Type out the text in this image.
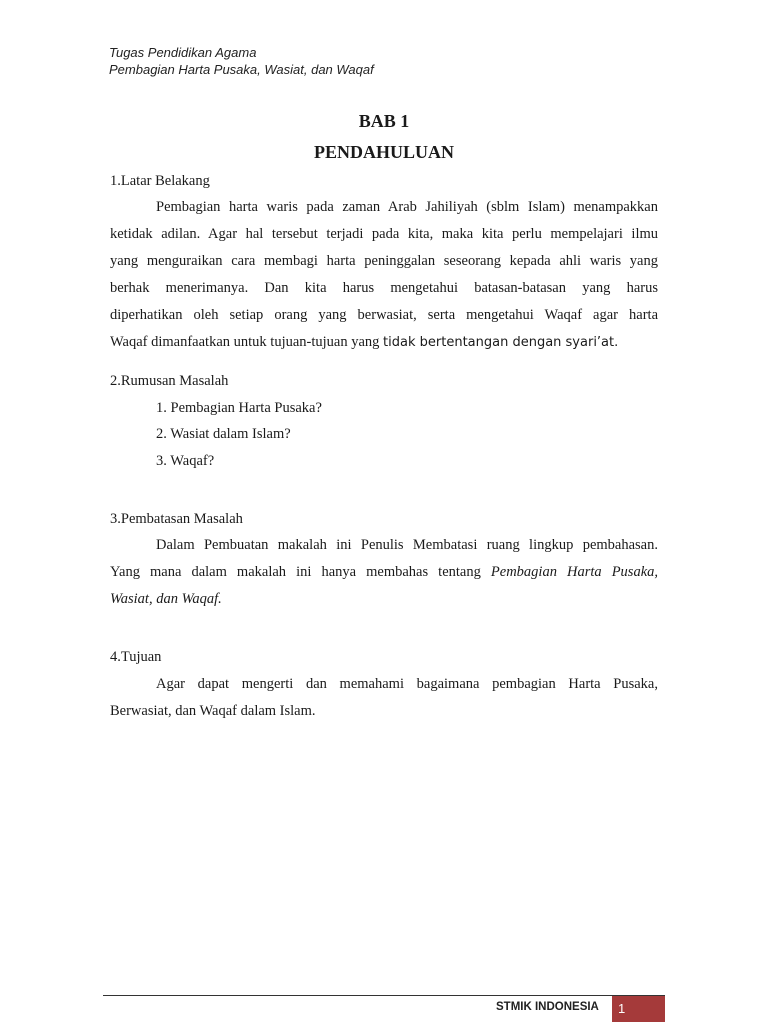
Tugas Pendidikan Agama
Pembagian Harta Pusaka, Wasiat, dan Waqaf
BAB 1
PENDAHULUAN
1.Latar Belakang
Pembagian harta waris pada zaman Arab Jahiliyah (sblm Islam) menampakkan
ketidak adilan. Agar hal tersebut terjadi pada kita, maka kita perlu mempelajari ilmu
yang menguraikan cara membagi harta peninggalan seseorang kepada ahli waris yang
berhak menerimanya. Dan kita harus mengetahui batasan-batasan yang harus
diperhatikan oleh setiap orang yang berwasiat, serta mengetahui Waqaf agar harta
Waqaf dimanfaatkan untuk tujuan-tujuan yang tidak bertentangan dengan syari’at.
2.Rumusan Masalah
1. Pembagian Harta Pusaka?
2. Wasiat dalam Islam?
3. Waqaf?
3.Pembatasan Masalah
Dalam Pembuatan makalah ini Penulis Membatasi ruang lingkup pembahasan.
Yang mana dalam makalah ini hanya membahas tentang Pembagian Harta Pusaka,
Wasiat, dan Waqaf.
4.Tujuan
Agar dapat mengerti dan memahami bagaimana pembagian Harta Pusaka,
Berwasiat, dan Waqaf dalam Islam.
STMIK INDONESIA	1
